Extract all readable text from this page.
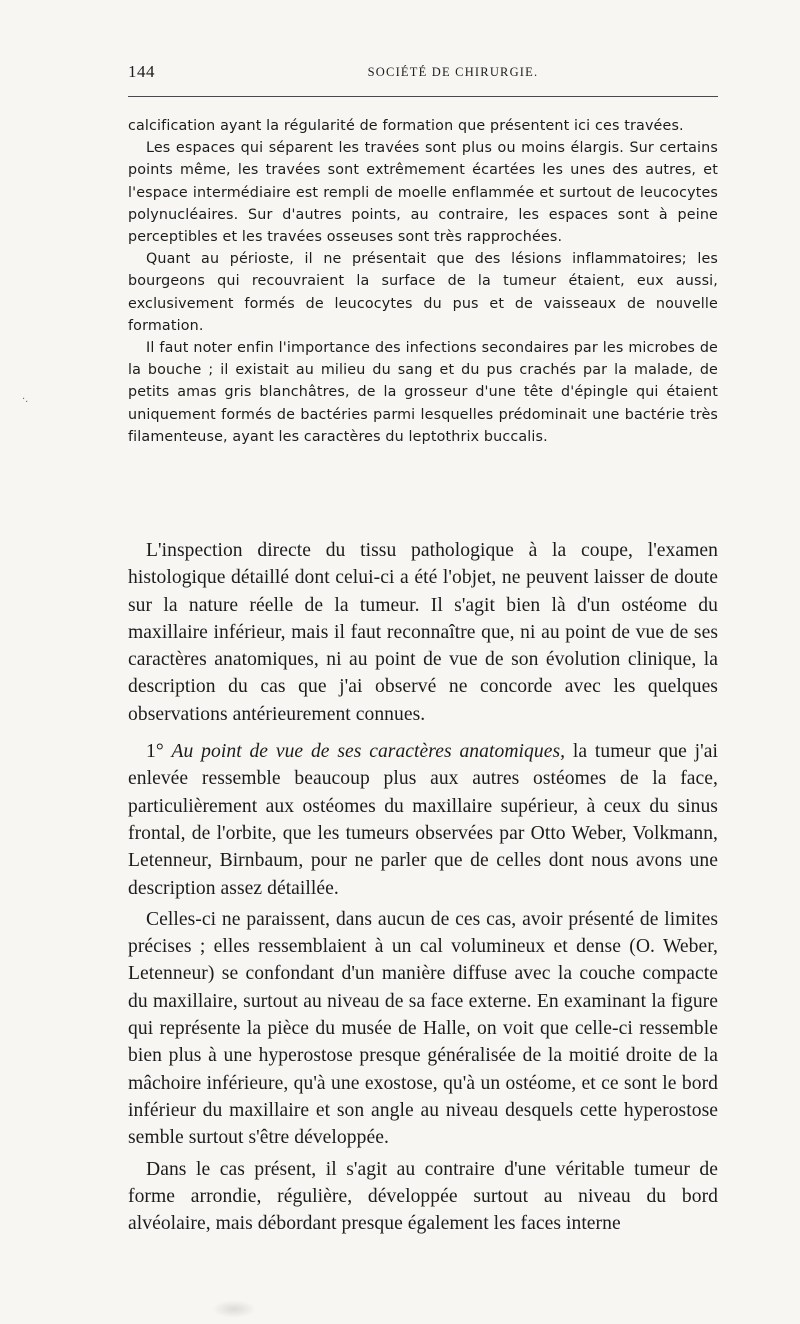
144	SOCIÉTÉ DE CHIRURGIE.
·.

calcification ayant la régularité de formation que présentent ici ces travées.

Les espaces qui séparent les travées sont plus ou moins élargis. Sur certains points même, les travées sont extrêmement écartées les unes des autres, et l'espace intermédiaire est rempli de moelle enflammée et surtout de leucocytes polynucléaires. Sur d'autres points, au contraire, les espaces sont à peine perceptibles et les travées osseuses sont très rapprochées.

Quant au périoste, il ne présentait que des lésions inflammatoires; les bourgeons qui recouvraient la surface de la tumeur étaient, eux aussi, exclusivement formés de leucocytes du pus et de vaisseaux de nouvelle formation.

Il faut noter enfin l'importance des infections secondaires par les microbes de la bouche ; il existait au milieu du sang et du pus crachés par la malade, de petits amas gris blanchâtres, de la grosseur d'une tête d'épingle qui étaient uniquement formés de bactéries parmi lesquelles prédominait une bactérie très filamenteuse, ayant les caractères du leptothrix buccalis.

L'inspection directe du tissu pathologique à la coupe, l'examen histologique détaillé dont celui-ci a été l'objet, ne peuvent laisser de doute sur la nature réelle de la tumeur. Il s'agit bien là d'un ostéome du maxillaire inférieur, mais il faut reconnaître que, ni au point de vue de ses caractères anatomiques, ni au point de vue de son évolution clinique, la description du cas que j'ai observé ne concorde avec les quelques observations antérieurement connues.

1° Au point de vue de ses caractères anatomiques, la tumeur que j'ai enlevée ressemble beaucoup plus aux autres ostéomes de la face, particulièrement aux ostéomes du maxillaire supérieur, à ceux du sinus frontal, de l'orbite, que les tumeurs observées par Otto Weber, Volkmann, Letenneur, Birnbaum, pour ne parler que de celles dont nous avons une description assez détaillée.

Celles-ci ne paraissent, dans aucun de ces cas, avoir présenté de limites précises ; elles ressemblaient à un cal volumineux et dense (O. Weber, Letenneur) se confondant d'un manière diffuse avec la couche compacte du maxillaire, surtout au niveau de sa face externe. En examinant la figure qui représente la pièce du musée de Halle, on voit que celle-ci ressemble bien plus à une hyperostose presque généralisée de la moitié droite de la mâchoire inférieure, qu'à une exostose, qu'à un ostéome, et ce sont le bord inférieur du maxillaire et son angle au niveau desquels cette hyperostose semble surtout s'être développée.

Dans le cas présent, il s'agit au contraire d'une véritable tumeur de forme arrondie, régulière, développée surtout au niveau du bord alvéolaire, mais débordant presque également les faces interne
